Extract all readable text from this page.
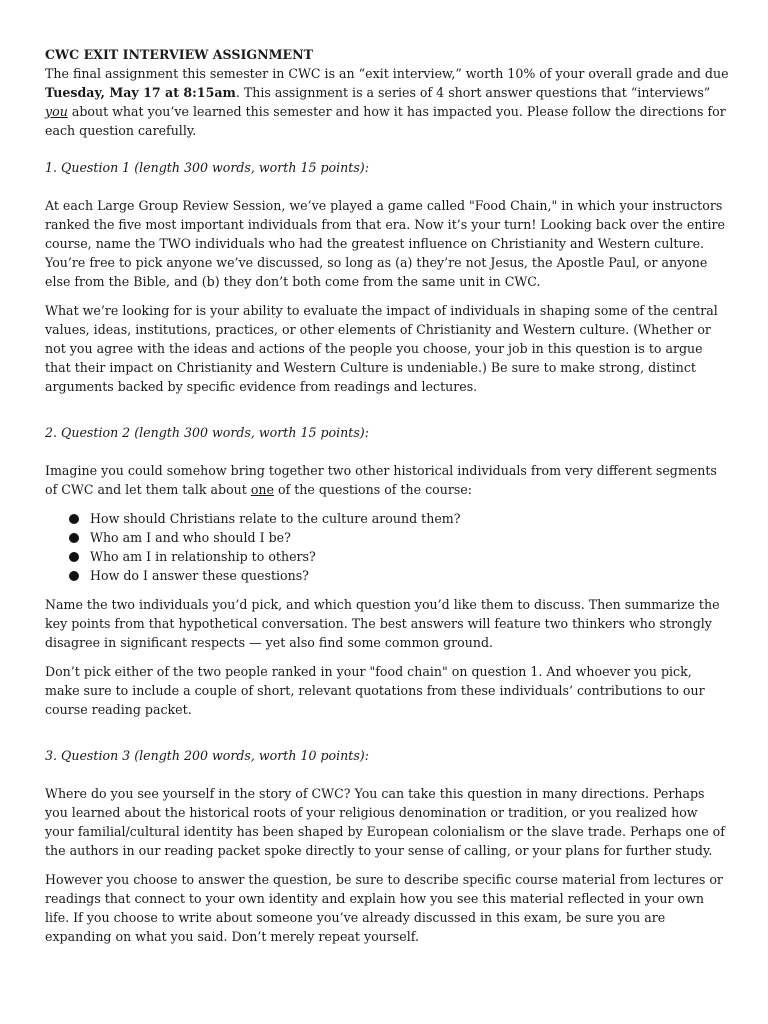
CWC EXIT INTERVIEW ASSIGNMENT

The final assignment this semester in CWC is an “exit interview,” worth 10% of your overall grade and due Tuesday, May 17 at 8:15am. This assignment is a series of 4 short answer questions that “interviews” you about what you’ve learned this semester and how it has impacted you. Please follow the directions for each question carefully.

1. Question 1 (length 300 words, worth 15 points):

At each Large Group Review Session, we’ve played a game called "Food Chain," in which your instructors ranked the five most important individuals from that era. Now it’s your turn! Looking back over the entire course, name the TWO individuals who had the greatest influence on Christianity and Western culture. You’re free to pick anyone we’ve discussed, so long as (a) they’re not Jesus, the Apostle Paul, or anyone else from the Bible, and (b) they don’t both come from the same unit in CWC.

What we’re looking for is your ability to evaluate the impact of individuals in shaping some of the central values, ideas, institutions, practices, or other elements of Christianity and Western culture. (Whether or not you agree with the ideas and actions of the people you choose, your job in this question is to argue that their impact on Christianity and Western Culture is undeniable.) Be sure to make strong, distinct arguments backed by specific evidence from readings and lectures.

2. Question 2 (length 300 words, worth 15 points):

Imagine you could somehow bring together two other historical individuals from very different segments of CWC and let them talk about one of the questions of the course:

How should Christians relate to the culture around them?
Who am I and who should I be?
Who am I in relationship to others?
How do I answer these questions?

Name the two individuals you’d pick, and which question you’d like them to discuss. Then summarize the key points from that hypothetical conversation. The best answers will feature two thinkers who strongly disagree in significant respects — yet also find some common ground.

Don’t pick either of the two people ranked in your "food chain" on question 1. And whoever you pick, make sure to include a couple of short, relevant quotations from these individuals’ contributions to our course reading packet.

3. Question 3 (length 200 words, worth 10 points):

Where do you see yourself in the story of CWC? You can take this question in many directions. Perhaps you learned about the historical roots of your religious denomination or tradition, or you realized how your familial/cultural identity has been shaped by European colonialism or the slave trade. Perhaps one of the authors in our reading packet spoke directly to your sense of calling, or your plans for further study.

However you choose to answer the question, be sure to describe specific course material from lectures or readings that connect to your own identity and explain how you see this material reflected in your own life. If you choose to write about someone you’ve already discussed in this exam, be sure you are expanding on what you said. Don’t merely repeat yourself.
